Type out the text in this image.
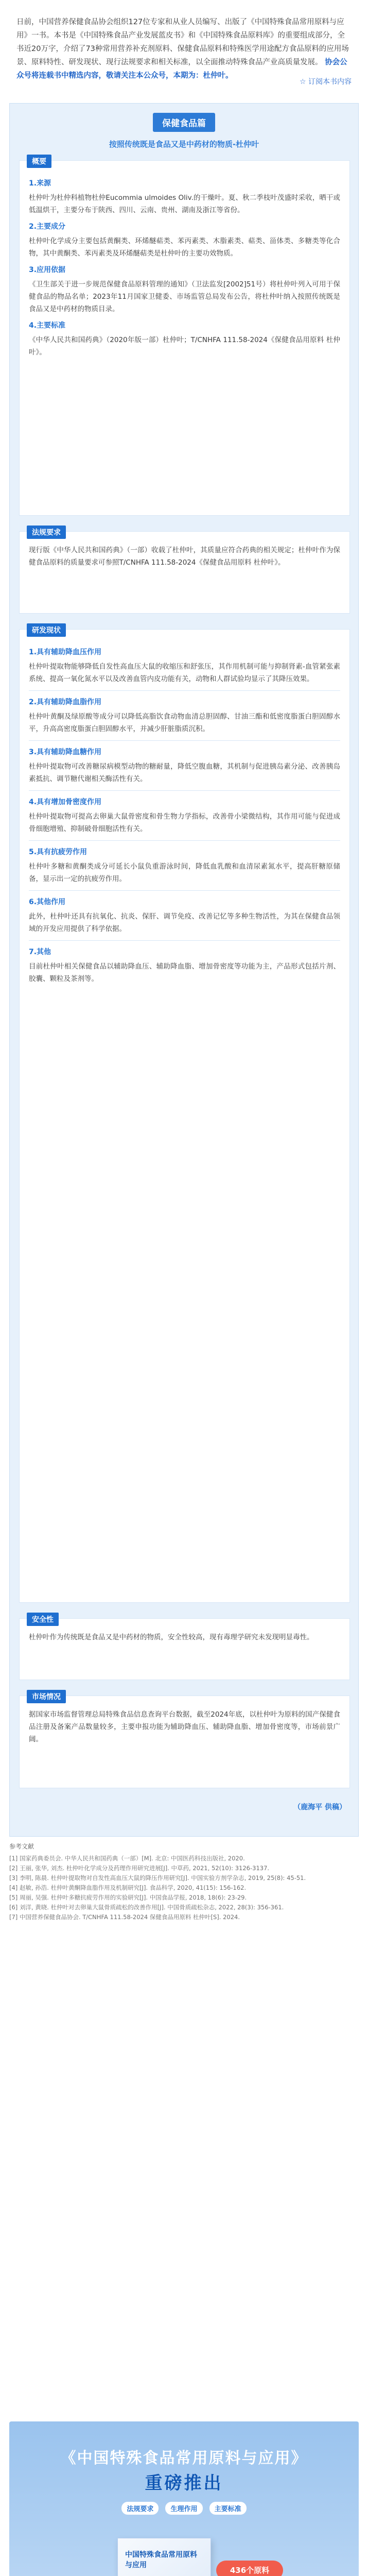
日前，中国营养保健食品协会组织127位专家和从业人员编写、出版了《中国特殊食品常用原料与应用》一书。本书是《中国特殊食品产业发展蓝皮书》和《中国特殊食品原料库》的重要组成部分，全书近20万字，介绍了73种常用营养补充剂原料、保健食品原料和特殊医学用途配方食品原料的应用场景、原料特性、研发现状、现行法规要求和相关标准，以全面推动特殊食品产业高质量发展。 协会公众号将连载书中精选内容，敬请关注本公众号，本期为：杜仲叶。
☆ 订阅本书内容
保健食品篇
按照传统既是食品又是中药材的物质-杜仲叶
概要
1.来源
杜仲叶为杜仲科植物杜仲Eucommia ulmoides Oliv.的干燥叶。夏、秋二季枝叶茂盛时采收，晒干或低温烘干，主要分布于陕西、四川、云南、贵州、湖南及浙江等省份。
2.主要成分
杜仲叶化学成分主要包括黄酮类、环烯醚萜类、苯丙素类、木脂素类、萜类、甾体类、多糖类等化合物，其中黄酮类、苯丙素类及环烯醚萜类是杜仲叶的主要功效物质。
3.应用依据
《卫生部关于进一步规范保健食品原料管理的通知》（卫法监发[2002]51号）将杜仲叶列入可用于保健食品的物品名单；2023年11月国家卫健委、市场监管总局发布公告，将杜仲叶纳入按照传统既是食品又是中药材的物质目录。
4.主要标准
《中华人民共和国药典》（2020年版一部）杜仲叶；T/CNHFA 111.58-2024《保健食品用原料 杜仲叶》。
法规要求
现行版《中华人民共和国药典》（一部）收载了杜仲叶，其质量应符合药典的相关规定；杜仲叶作为保健食品原料的质量要求可参照T/CNHFA 111.58-2024《保健食品用原料 杜仲叶》。
研发现状
1.具有辅助降血压作用
杜仲叶提取物能够降低自发性高血压大鼠的收缩压和舒张压，其作用机制可能与抑制肾素-血管紧张素系统、提高一氧化氮水平以及改善血管内皮功能有关，动物和人群试验均显示了其降压效果。
2.具有辅助降血脂作用
杜仲叶黄酮及绿原酸等成分可以降低高脂饮食动物血清总胆固醇、甘油三酯和低密度脂蛋白胆固醇水平，升高高密度脂蛋白胆固醇水平，并减少肝脏脂质沉积。
3.具有辅助降血糖作用
杜仲叶提取物可改善糖尿病模型动物的糖耐量，降低空腹血糖，其机制与促进胰岛素分泌、改善胰岛素抵抗、调节糖代谢相关酶活性有关。
4.具有增加骨密度作用
杜仲叶提取物可提高去卵巢大鼠骨密度和骨生物力学指标，改善骨小梁微结构，其作用可能与促进成骨细胞增殖、抑制破骨细胞活性有关。
5.具有抗疲劳作用
杜仲叶多糖和黄酮类成分可延长小鼠负重游泳时间，降低血乳酸和血清尿素氮水平，提高肝糖原储备，显示出一定的抗疲劳作用。
6.其他作用
此外，杜仲叶还具有抗氧化、抗炎、保肝、调节免疫、改善记忆等多种生物活性，为其在保健食品领域的开发应用提供了科学依据。
7.其他
目前杜仲叶相关保健食品以辅助降血压、辅助降血脂、增加骨密度等功能为主，产品形式包括片剂、胶囊、颗粒及茶剂等。
安全性
杜仲叶作为传统既是食品又是中药材的物质，安全性较高，现有毒理学研究未发现明显毒性。
市场情况
据国家市场监督管理总局特殊食品信息查询平台数据，截至2024年底，以杜仲叶为原料的国产保健食品注册及备案产品数量较多，主要申报功能为辅助降血压、辅助降血脂、增加骨密度等，市场前景广阔。
（鹿海平 供稿）
参考文献
[1] 国家药典委员会. 中华人民共和国药典（一部）[M]. 北京: 中国医药科技出版社, 2020.
[2] 王丽, 张华, 刘杰. 杜仲叶化学成分及药理作用研究进展[J]. 中草药, 2021, 52(10): 3126-3137.
[3] 李明, 陈晨. 杜仲叶提取物对自发性高血压大鼠的降压作用研究[J]. 中国实验方剂学杂志, 2019, 25(8): 45-51.
[4] 赵敏, 孙浩. 杜仲叶黄酮降血脂作用及机制研究[J]. 食品科学, 2020, 41(15): 156-162.
[5] 周丽, 吴强. 杜仲叶多糖抗疲劳作用的实验研究[J]. 中国食品学报, 2018, 18(6): 23-29.
[6] 刘洋, 黄晓. 杜仲叶对去卵巢大鼠骨质疏松的改善作用[J]. 中国骨质疏松杂志, 2022, 28(3): 356-361.
[7] 中国营养保健食品协会. T/CNHFA 111.58-2024 保健食品用原料 杜仲叶[S]. 2024.
《中国特殊食品常用原料与应用》
重磅推出
法规要求	生理作用	主要标准
中国特殊食品常用原料与应用
436个原料
